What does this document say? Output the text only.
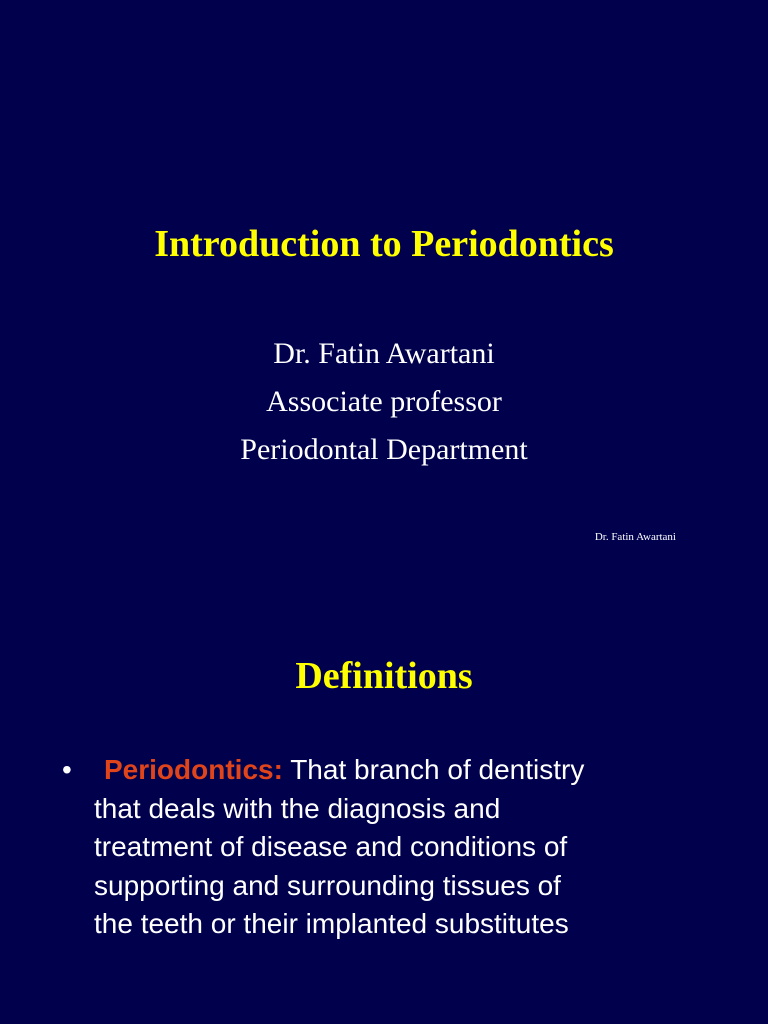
Introduction to Periodontics
Dr. Fatin Awartani
Associate professor
Periodontal Department
Dr. Fatin Awartani
Definitions
•	Periodontics: That branch of dentistry
that deals with the diagnosis and
treatment of disease and conditions of
supporting and surrounding tissues of
the teeth or their implanted substitutes
